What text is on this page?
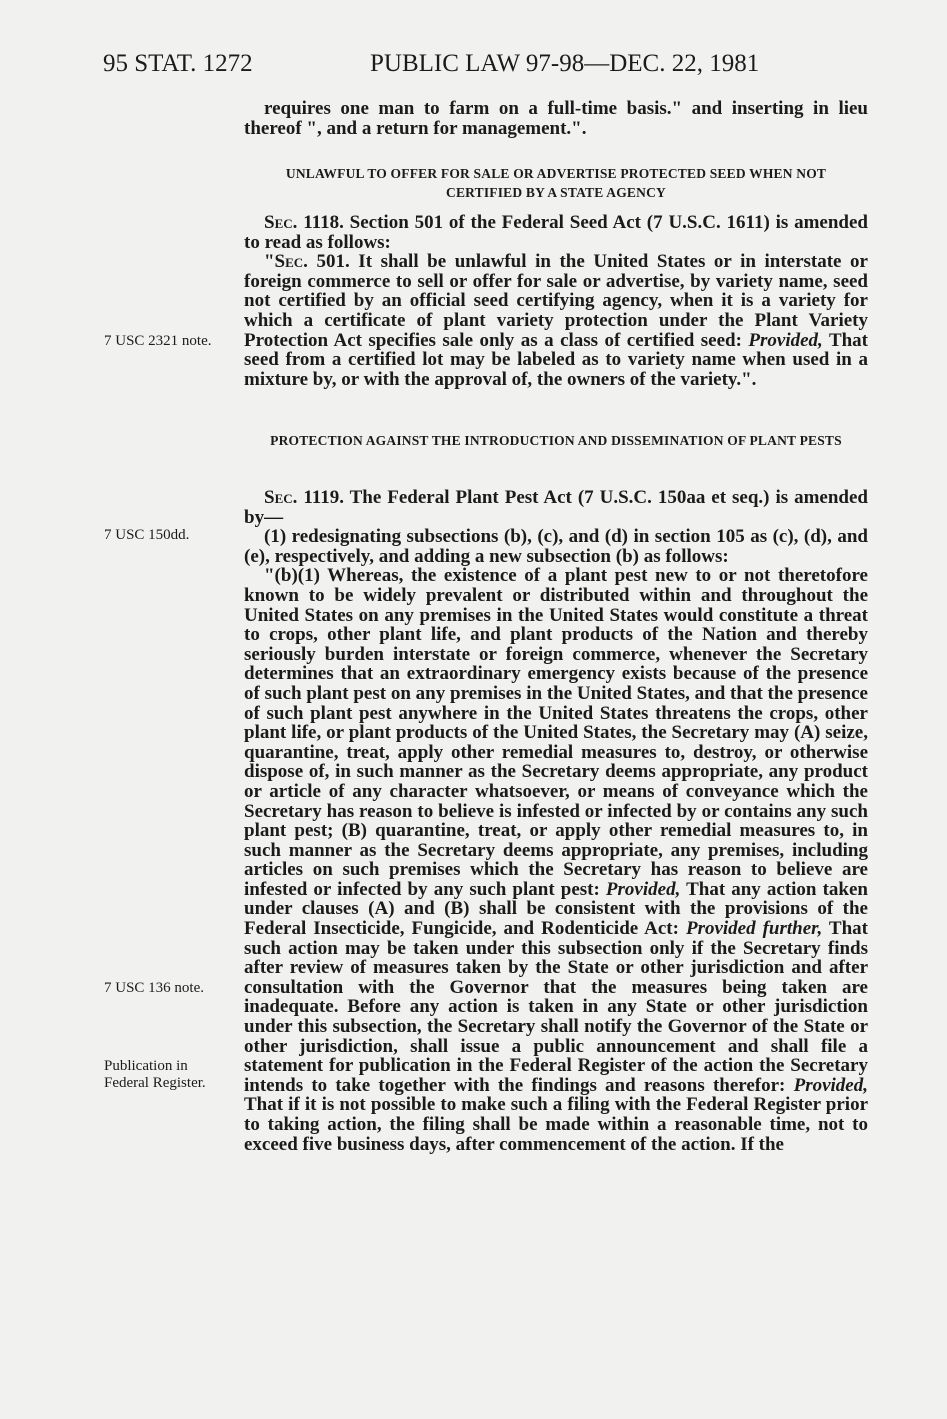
95 STAT. 1272	PUBLIC LAW 97-98—DEC. 22, 1981
7 USC 2321 note.
7 USC 150dd.
7 USC 136 note.
Publication in Federal Register.

requires one man to farm on a full-time basis." and inserting in lieu thereof ", and a return for management.".

UNLAWFUL TO OFFER FOR SALE OR ADVERTISE PROTECTED SEED WHEN NOT CERTIFIED BY A STATE AGENCY

Sec. 1118. Section 501 of the Federal Seed Act (7 U.S.C. 1611) is amended to read as follows:

"Sec. 501. It shall be unlawful in the United States or in interstate or foreign commerce to sell or offer for sale or advertise, by variety name, seed not certified by an official seed certifying agency, when it is a variety for which a certificate of plant variety protection under the Plant Variety Protection Act specifies sale only as a class of certified seed: Provided, That seed from a certified lot may be labeled as to variety name when used in a mixture by, or with the approval of, the owners of the variety.".

PROTECTION AGAINST THE INTRODUCTION AND DISSEMINATION OF PLANT PESTS

Sec. 1119. The Federal Plant Pest Act (7 U.S.C. 150aa et seq.) is amended by—

(1) redesignating subsections (b), (c), and (d) in section 105 as (c), (d), and (e), respectively, and adding a new subsection (b) as follows:

"(b)(1) Whereas, the existence of a plant pest new to or not theretofore known to be widely prevalent or distributed within and throughout the United States on any premises in the United States would constitute a threat to crops, other plant life, and plant products of the Nation and thereby seriously burden interstate or foreign commerce, whenever the Secretary determines that an extraordinary emergency exists because of the presence of such plant pest on any premises in the United States, and that the presence of such plant pest anywhere in the United States threatens the crops, other plant life, or plant products of the United States, the Secretary may (A) seize, quarantine, treat, apply other remedial measures to, destroy, or otherwise dispose of, in such manner as the Secretary deems appropriate, any product or article of any character whatsoever, or means of conveyance which the Secretary has reason to believe is infested or infected by or contains any such plant pest; (B) quarantine, treat, or apply other remedial measures to, in such manner as the Secretary deems appropriate, any premises, including articles on such premises which the Secretary has reason to believe are infested or infected by any such plant pest: Provided, That any action taken under clauses (A) and (B) shall be consistent with the provisions of the Federal Insecticide, Fungicide, and Rodenticide Act: Provided further, That such action may be taken under this subsection only if the Secretary finds after review of measures taken by the State or other jurisdiction and after consultation with the Governor that the measures being taken are inadequate. Before any action is taken in any State or other jurisdiction under this subsection, the Secretary shall notify the Governor of the State or other jurisdiction, shall issue a public announcement and shall file a statement for publication in the Federal Register of the action the Secretary intends to take together with the findings and reasons therefor: Provided, That if it is not possible to make such a filing with the Federal Register prior to taking action, the filing shall be made within a reasonable time, not to exceed five business days, after commencement of the action. If the
